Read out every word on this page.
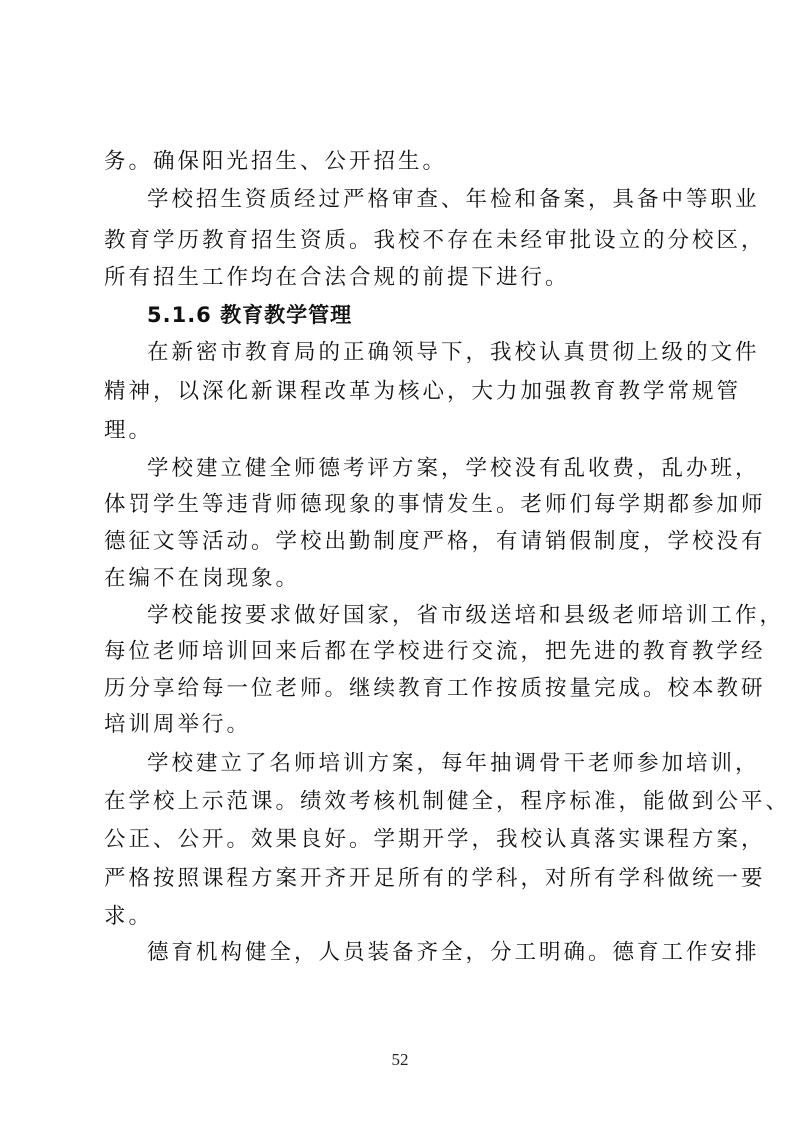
务。确保阳光招生、公开招生。
学校招生资质经过严格审查、年检和备案，具备中等职业
教育学历教育招生资质。我校不存在未经审批设立的分校区，
所有招生工作均在合法合规的前提下进行。
5.1.6 教育教学管理
在新密市教育局的正确领导下，我校认真贯彻上级的文件
精神，以深化新课程改革为核心，大力加强教育教学常规管
理。
学校建立健全师德考评方案，学校没有乱收费，乱办班，
体罚学生等违背师德现象的事情发生。老师们每学期都参加师
德征文等活动。学校出勤制度严格，有请销假制度，学校没有
在编不在岗现象。
学校能按要求做好国家，省市级送培和县级老师培训工作，
每位老师培训回来后都在学校进行交流，把先进的教育教学经
历分享给每一位老师。继续教育工作按质按量完成。校本教研
培训周举行。
学校建立了名师培训方案，每年抽调骨干老师参加培训，
在学校上示范课。绩效考核机制健全，程序标准，能做到公平、
公正、公开。效果良好。学期开学，我校认真落实课程方案，
严格按照课程方案开齐开足所有的学科，对所有学科做统一要
求。
德育机构健全，人员装备齐全，分工明确。德育工作安排
52
